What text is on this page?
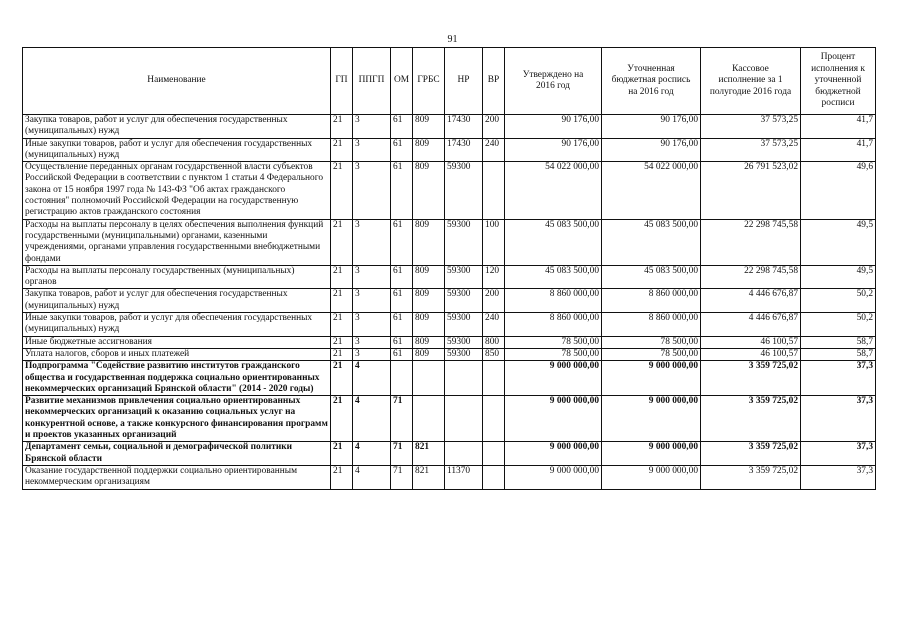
91
Наименование	ГП	ППГП	ОМ	ГРБС	НР	ВР	Утверждено на 2016 год	Уточненная бюджетная роспись на 2016 год	Кассовое исполнение за 1 полугодие 2016 года	Процент исполнения к уточненной бюджетной росписи
Закупка товаров, работ и услуг для обеспечения государственных (муниципальных) нужд	21	3	61	809	17430	200	90 176,00	90 176,00	37 573,25	41,7
Иные закупки товаров, работ и услуг для обеспечения государственных (муниципальных) нужд	21	3	61	809	17430	240	90 176,00	90 176,00	37 573,25	41,7
Осуществление переданных органам государственной власти субъектов Российской Федерации в соответствии с пунктом 1 статьи 4 Федерального закона от 15 ноября 1997 года № 143-ФЗ "Об актах гражданского состояния" полномочий Российской Федерации на государственную регистрацию актов гражданского состояния	21	3	61	809	59300		54 022 000,00	54 022 000,00	26 791 523,02	49,6
Расходы на выплаты персоналу в целях обеспечения выполнения функций государственными (муниципальными) органами, казенными учреждениями, органами управления государственными внебюджетными фондами	21	3	61	809	59300	100	45 083 500,00	45 083 500,00	22 298 745,58	49,5
Расходы на выплаты персоналу государственных (муниципальных) органов	21	3	61	809	59300	120	45 083 500,00	45 083 500,00	22 298 745,58	49,5
Закупка товаров, работ и услуг для обеспечения государственных (муниципальных) нужд	21	3	61	809	59300	200	8 860 000,00	8 860 000,00	4 446 676,87	50,2
Иные закупки товаров, работ и услуг для обеспечения государственных (муниципальных) нужд	21	3	61	809	59300	240	8 860 000,00	8 860 000,00	4 446 676,87	50,2
Иные бюджетные ассигнования	21	3	61	809	59300	800	78 500,00	78 500,00	46 100,57	58,7
Уплата налогов, сборов и иных платежей	21	3	61	809	59300	850	78 500,00	78 500,00	46 100,57	58,7
Подпрограмма "Содействие развитию институтов гражданского общества и государственная поддержка социально ориентированных некоммерческих организаций Брянской области" (2014 - 2020 годы)	21	4					9 000 000,00	9 000 000,00	3 359 725,02	37,3
Развитие механизмов привлечения социально ориентированных некоммерческих организаций к оказанию социальных услуг на конкурентной основе, а также конкурсного финансирования программ и проектов указанных организаций	21	4	71				9 000 000,00	9 000 000,00	3 359 725,02	37,3
Департамент семьи, социальной и демографической политики Брянской области	21	4	71	821			9 000 000,00	9 000 000,00	3 359 725,02	37,3
Оказание государственной поддержки социально ориентированным некоммерческим организациям	21	4	71	821	11370		9 000 000,00	9 000 000,00	3 359 725,02	37,3
